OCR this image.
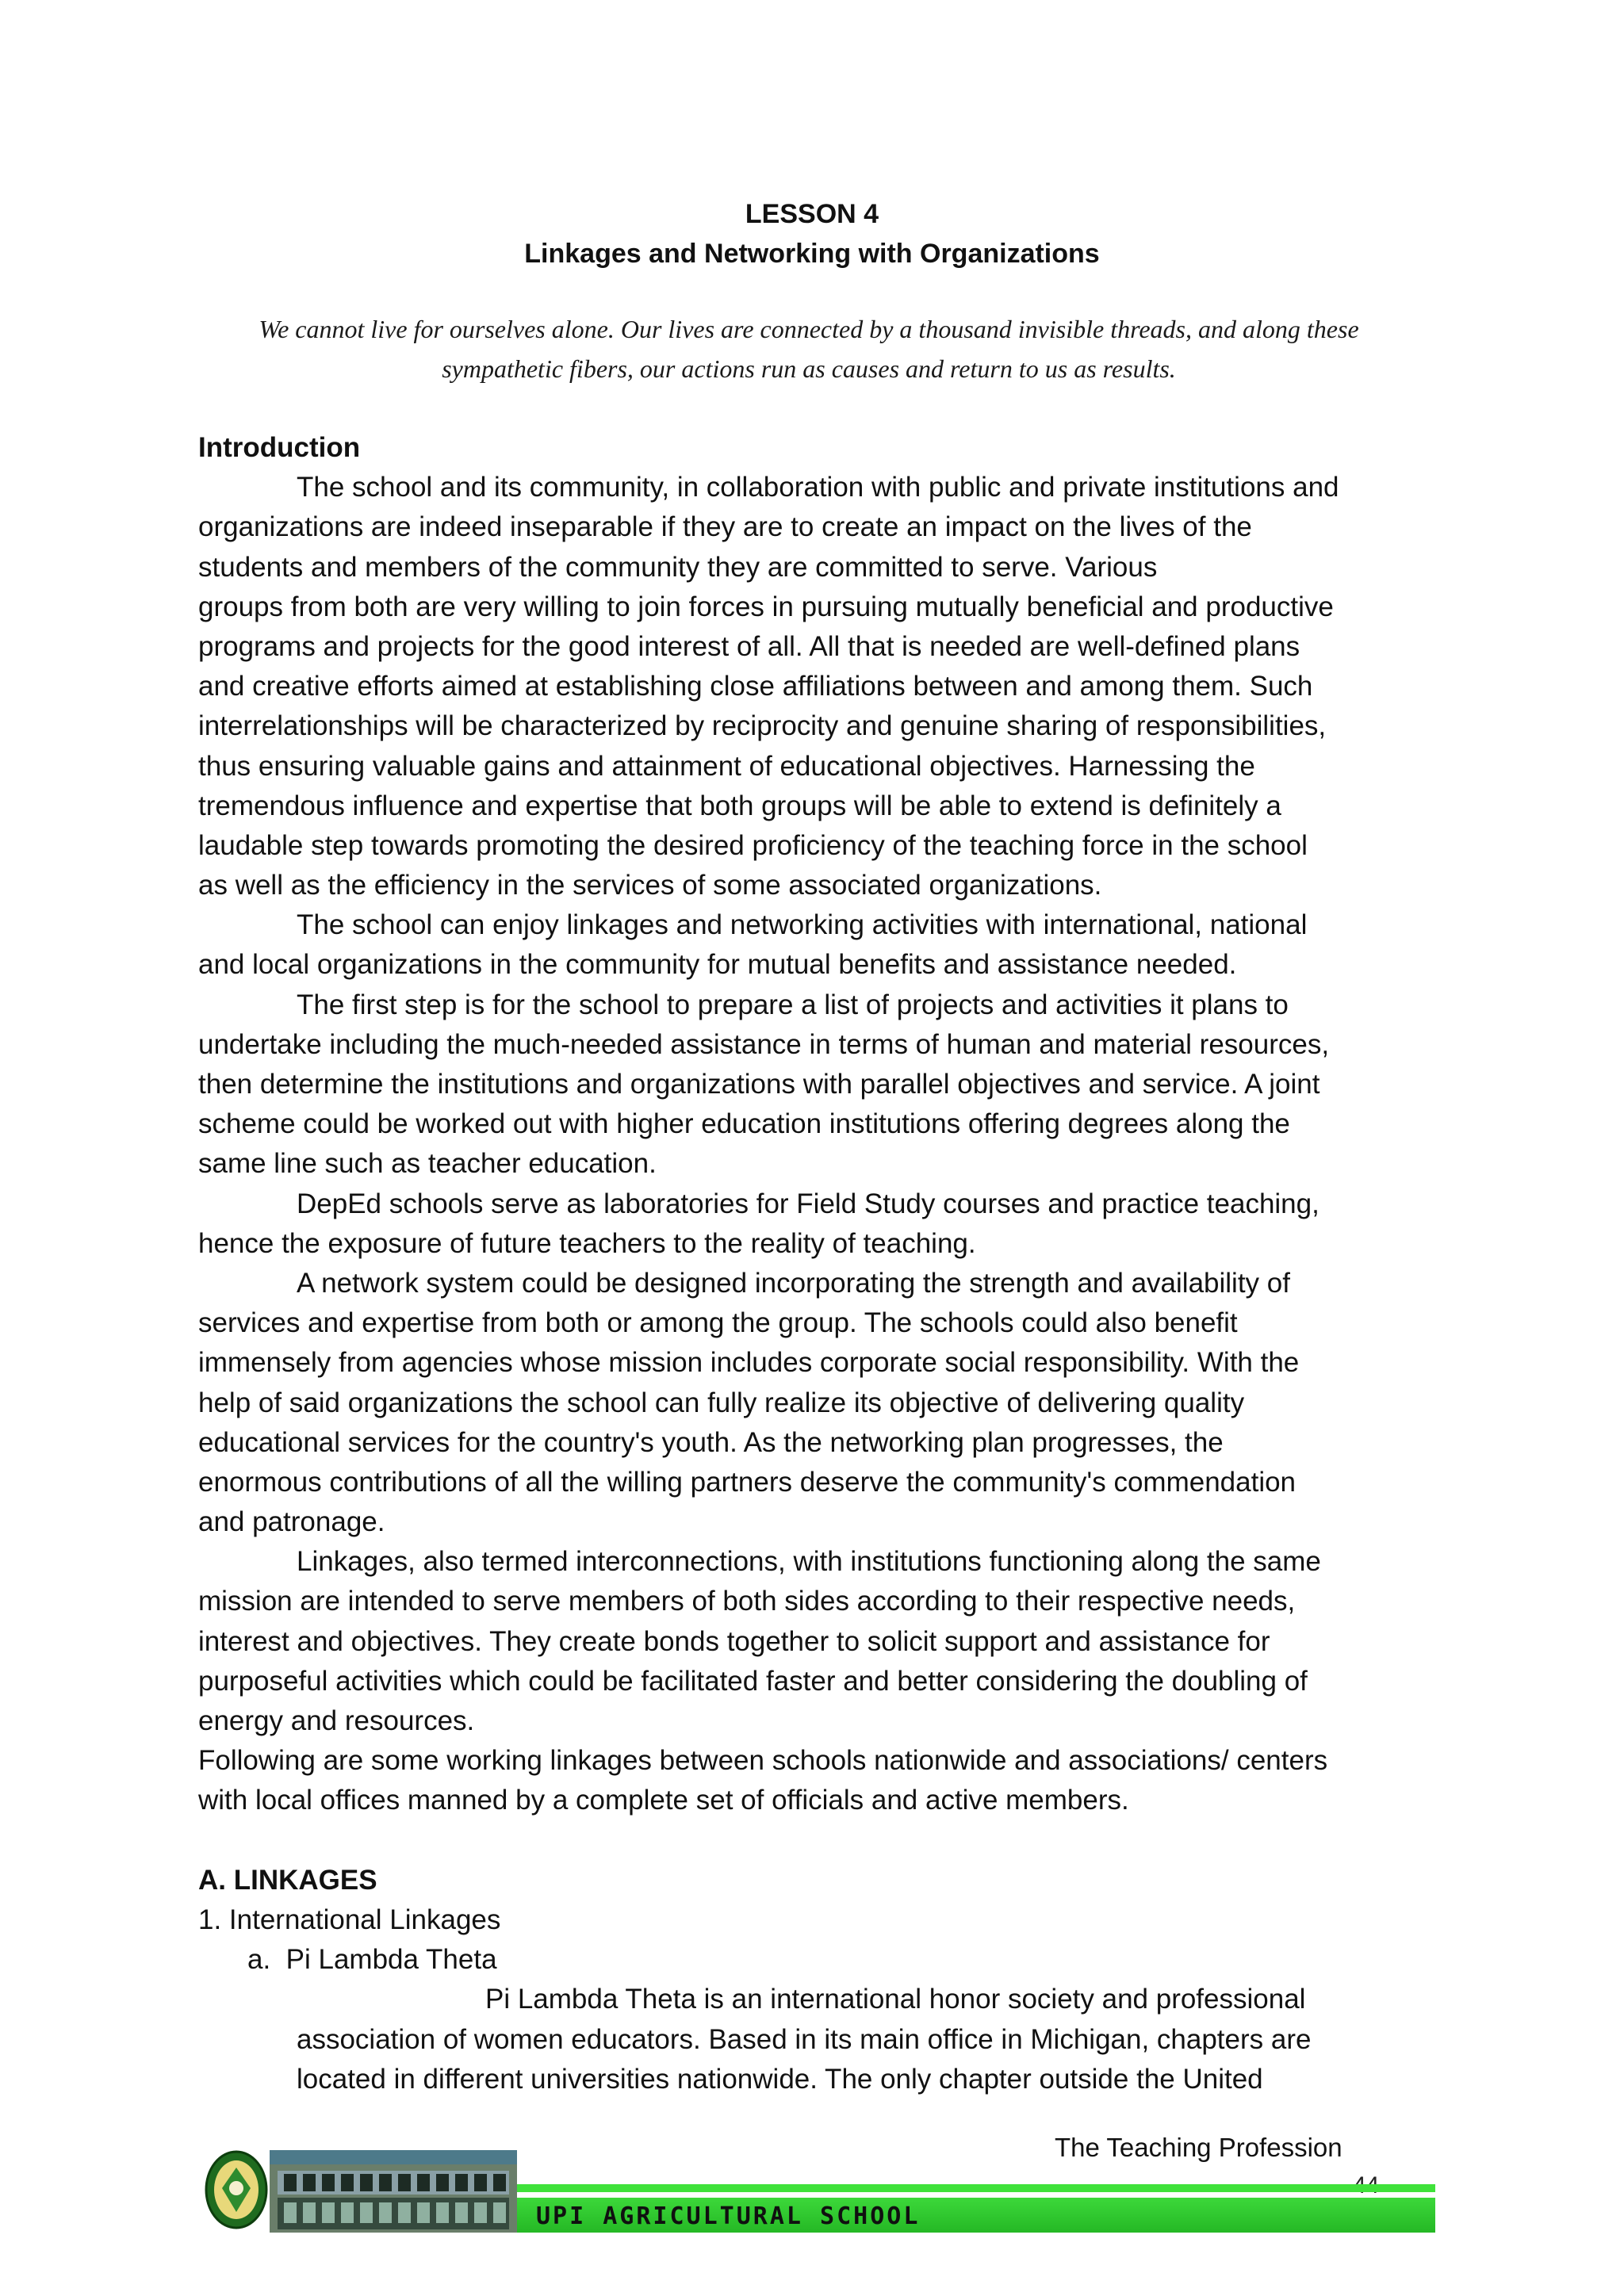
LESSON 4
Linkages and Networking with Organizations
We cannot live for ourselves alone. Our lives are connected by a thousand invisible threads, and along these
sympathetic fibers, our actions run as causes and return to us as results.
Introduction
The school and its community, in collaboration with public and private institutions and
organizations are indeed inseparable if they are to create an impact on the lives of the
students and members of the community they are committed to serve. Various
groups from both are very willing to join forces in pursuing mutually beneficial and productive
programs and projects for the good interest of all. All that is needed are well-defined plans
and creative efforts aimed at establishing close affiliations between and among them. Such
interrelationships will be characterized by reciprocity and genuine sharing of responsibilities,
thus ensuring valuable gains and attainment of educational objectives. Harnessing the
tremendous influence and expertise that both groups will be able to extend is definitely a
laudable step towards promoting the desired proficiency of the teaching force in the school
as well as the efficiency in the services of some associated organizations.
The school can enjoy linkages and networking activities with international, national
and local organizations in the community for mutual benefits and assistance needed.
The first step is for the school to prepare a list of projects and activities it plans to
undertake including the much-needed assistance in terms of human and material resources,
then determine the institutions and organizations with parallel objectives and service. A joint
scheme could be worked out with higher education institutions offering degrees along the
same line such as teacher education.
DepEd schools serve as laboratories for Field Study courses and practice teaching,
hence the exposure of future teachers to the reality of teaching.
A network system could be designed incorporating the strength and availability of
services and expertise from both or among the group. The schools could also benefit
immensely from agencies whose mission includes corporate social responsibility. With the
help of said organizations the school can fully realize its objective of delivering quality
educational services for the country's youth. As the networking plan progresses, the
enormous contributions of all the willing partners deserve the community's commendation
and patronage.
Linkages, also termed interconnections, with institutions functioning along the same
mission are intended to serve members of both sides according to their respective needs,
interest and objectives. They create bonds together to solicit support and assistance for
purposeful activities which could be facilitated faster and better considering the doubling of
energy and resources.
Following are some working linkages between schools nationwide and associations/ centers
with local offices manned by a complete set of officials and active members.
A. LINKAGES
1. International Linkages
a.  Pi Lambda Theta
Pi Lambda Theta is an international honor society and professional
association of women educators. Based in its main office in Michigan, chapters are
located in different universities nationwide. The only chapter outside the United
The Teaching Profession
UPI AGRICULTURAL SCHOOL
